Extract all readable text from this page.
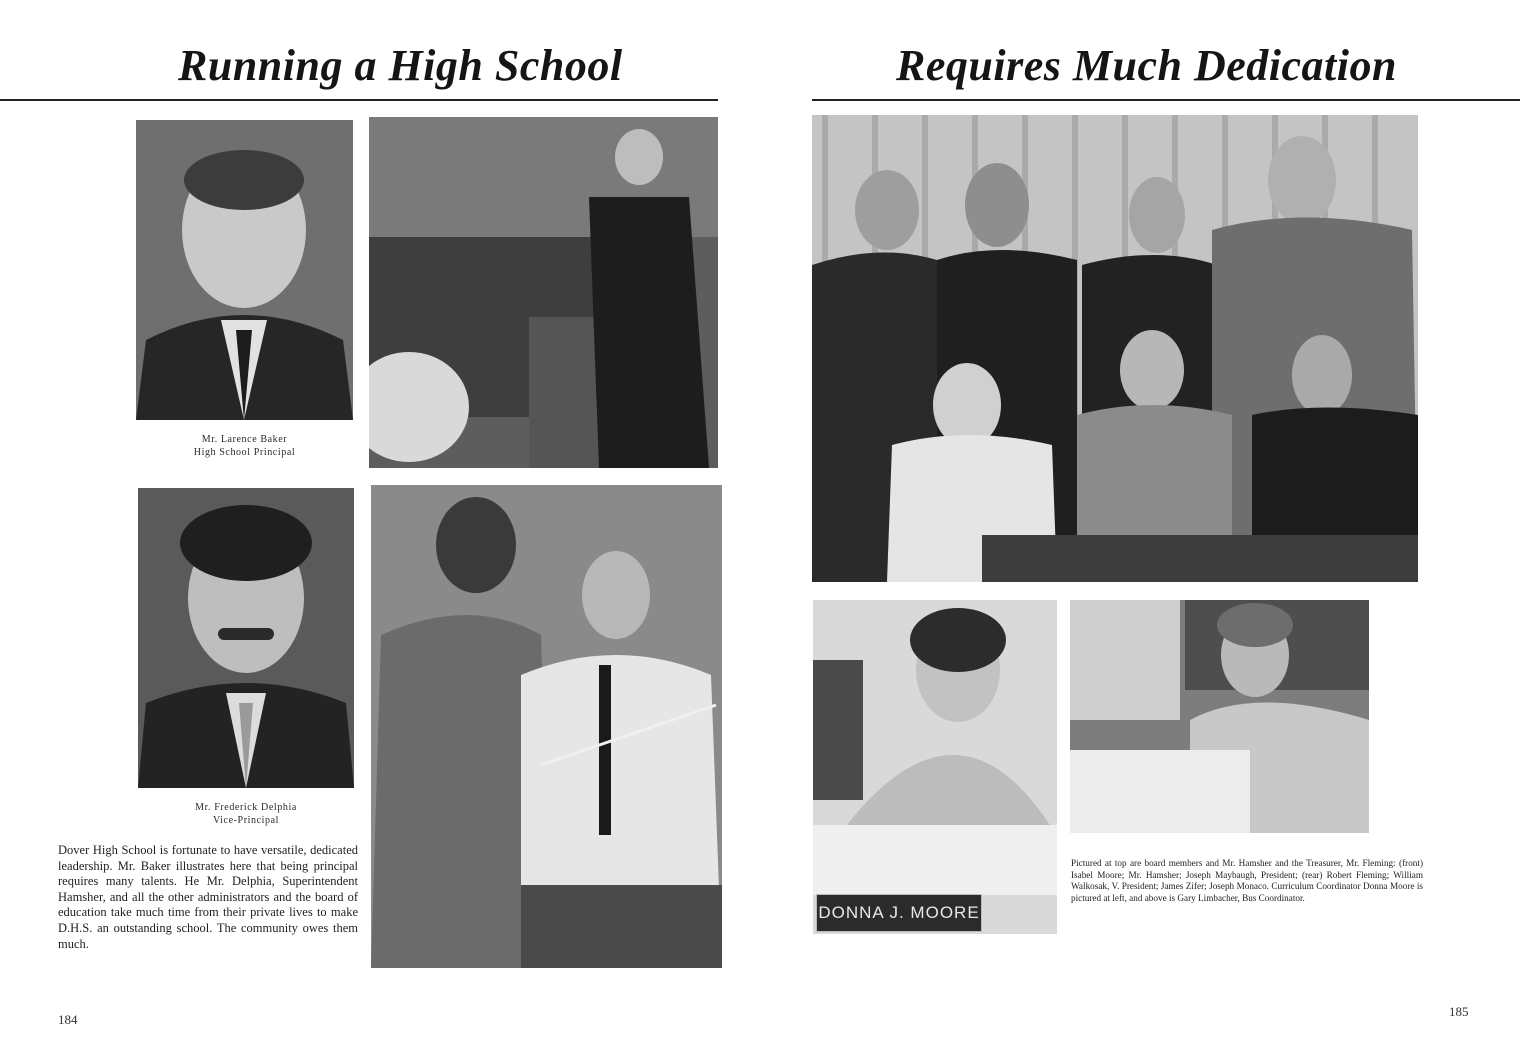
Running a High School	Requires Much Dedication
Mr. Larence Baker
High School Principal
Mr. Frederick Delphia
Vice-Principal
Dover High School is fortunate to have versatile, dedicated leadership. Mr. Baker illustrates here that being principal requires many talents. He Mr. Delphia, Superintendent Hamsher, and all the other administrators and the board of education take much time from their private lives to make D.H.S. an outstanding school. The community owes them much.
DONNA J. MOORE
Pictured at top are board members and Mr. Hamsher and the Treasurer, Mr. Fleming: (front) Isabel Moore; Mr. Hamsher; Joseph Maybaugh, President; (rear) Robert Fleming; William Walkosak, V. President; James Zifer; Joseph Monaco. Curriculum Coordinator Donna Moore is pictured at left, and above is Gary Limbacher, Bus Coordinator.
184
185
